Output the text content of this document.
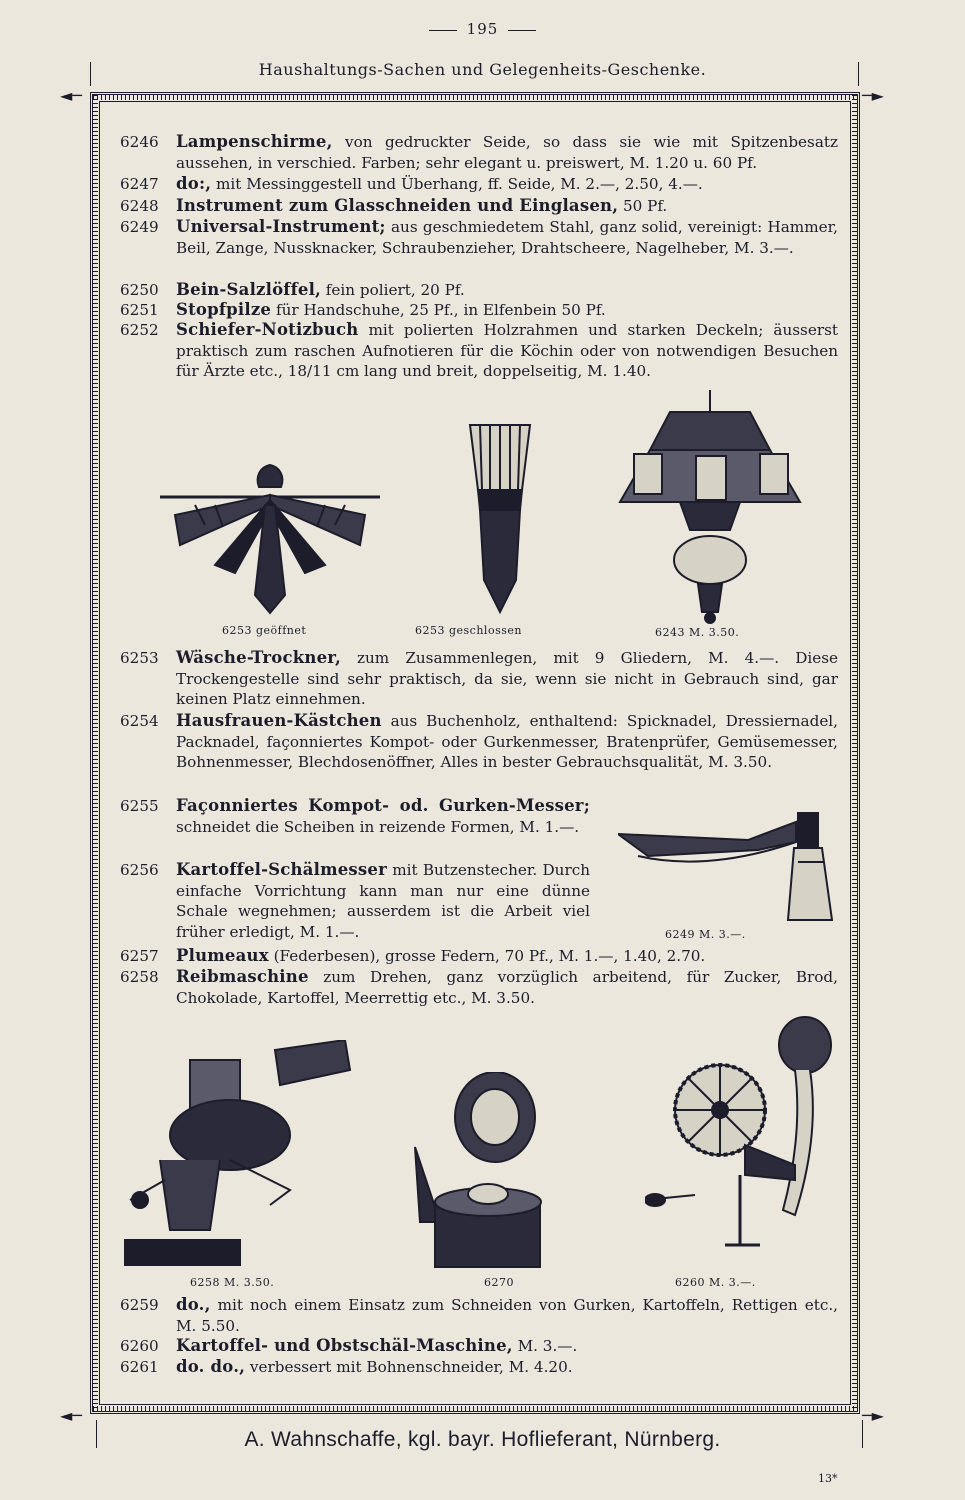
195
Haushaltungs-Sachen und Gelegenheits-Geschenke.
◄─	─►
◄─	─►
6246	Lampenschirme, von gedruckter Seide, so dass sie wie mit Spitzenbesatz aussehen, in verschied. Farben; sehr elegant u. preiswert, M. 1.20 u. 60 Pf.
6247	do:, mit Messinggestell und Überhang, ff. Seide, M. 2.—, 2.50, 4.—.
6248	Instrument zum Glasschneiden und Einglasen, 50 Pf.
6249	Universal-Instrument; aus geschmiedetem Stahl, ganz solid, vereinigt: Hammer, Beil, Zange, Nussknacker, Schraubenzieher, Drahtscheere, Nagelheber, M. 3.—.
6250	Bein-Salzlöffel, fein poliert, 20 Pf.
6251	Stopfpilze für Handschuhe, 25 Pf., in Elfenbein 50 Pf.
6252	Schiefer-Notizbuch mit polierten Holzrahmen und starken Deckeln; äusserst praktisch zum raschen Aufnotieren für die Köchin oder von notwendigen Besuchen für Ärzte etc., 18/11 cm lang und breit, doppelseitig, M. 1.40.
6253 geöffnet	6253 geschlossen	6243 M. 3.50.
6253	Wäsche-Trockner, zum Zusammenlegen, mit 9 Gliedern, M. 4.—. Diese Trockengestelle sind sehr praktisch, da sie, wenn sie nicht in Gebrauch sind, gar keinen Platz einnehmen.
6254	Hausfrauen-Kästchen aus Buchenholz, enthaltend: Spicknadel, Dressiernadel, Packnadel, façonniertes Kompot- oder Gurkenmesser, Bratenprüfer, Gemüsemesser, Bohnenmesser, Blechdosenöffner, Alles in bester Gebrauchsqualität, M. 3.50.
6255	Façonniertes Kompot- od. Gurken-Messer; schneidet die Scheiben in reizende Formen, M. 1.—.
6256	Kartoffel-Schälmesser mit Butzenstecher. Durch einfache Vorrichtung kann man nur eine dünne Schale wegnehmen; ausserdem ist die Arbeit viel früher erledigt, M. 1.—.
6257	Plumeaux (Federbesen), grosse Federn, 70 Pf., M. 1.—, 1.40, 2.70.
6258	Reibmaschine zum Drehen, ganz vorzüglich arbeitend, für Zucker, Brod, Chokolade, Kartoffel, Meerrettig etc., M. 3.50.
6249 M. 3.—.
6258 M. 3.50.	6270	6260 M. 3.—.
6259	do., mit noch einem Einsatz zum Schneiden von Gurken, Kartoffeln, Rettigen etc., M. 5.50.
6260	Kartoffel- und Obstschäl-Maschine, M. 3.—.
6261	do. do., verbessert mit Bohnenschneider, M. 4.20.
A. Wahnschaffe, kgl. bayr. Hoflieferant, Nürnberg.
13*
